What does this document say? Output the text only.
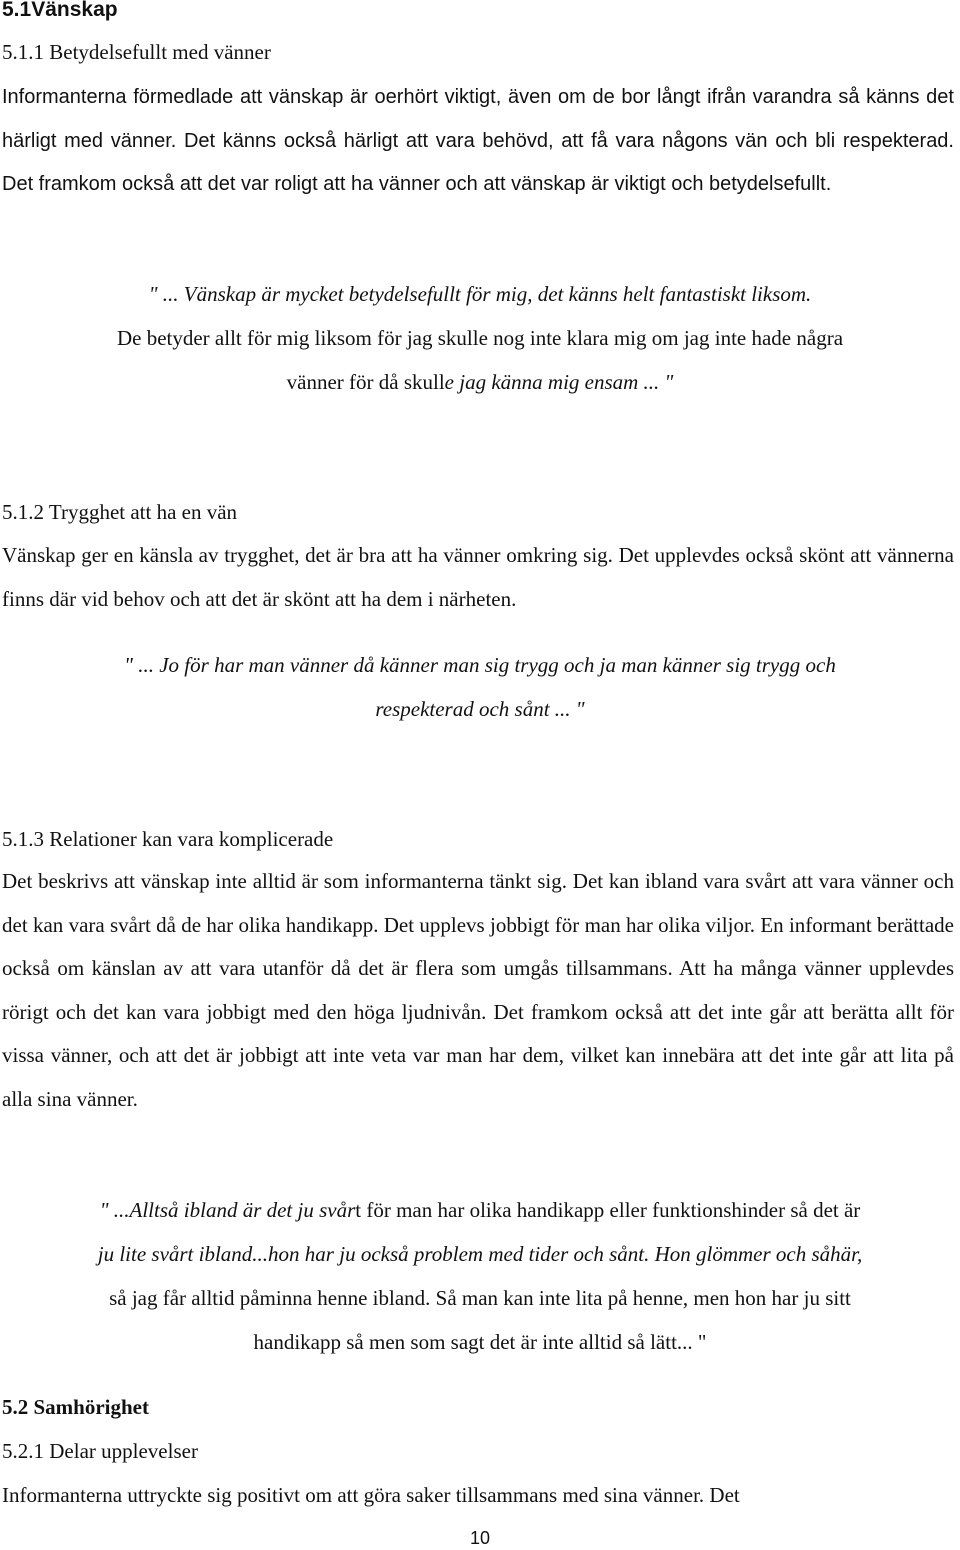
5.1Vänskap
5.1.1 Betydelsefullt med vänner

Informanterna förmedlade att vänskap är oerhört viktigt, även om de bor långt ifrån varandra så känns det härligt med vänner. Det känns också härligt att vara behövd, att få vara någons vän och bli respekterad. Det framkom också att det var roligt att ha vänner och att vänskap är viktigt och betydelsefullt.

" ... Vänskap är mycket betydelsefullt för mig, det känns helt fantastiskt liksom.
De betyder allt för mig liksom för jag skulle nog inte klara mig om jag inte hade några
vänner för då skulle jag känna mig ensam ... "
5.1.2 Trygghet att ha en vän

Vänskap ger en känsla av trygghet, det är bra att ha vänner omkring sig. Det upplevdes också skönt att vännerna finns där vid behov och att det är skönt att ha dem i närheten.

" ... Jo för har man vänner då känner man sig trygg och ja man känner sig trygg och
respekterad och sånt ... "
5.1.3 Relationer kan vara komplicerade

Det beskrivs att vänskap inte alltid är som informanterna tänkt sig. Det kan ibland vara svårt att vara vänner och det kan vara svårt då de har olika handikapp. Det upplevs jobbigt för man har olika viljor. En informant berättade också om känslan av att vara utanför då det är flera som umgås tillsammans. Att ha många vänner upplevdes rörigt och det kan vara jobbigt med den höga ljudnivån. Det framkom också att det inte går att berätta allt för vissa vänner, och att det är jobbigt att inte veta var man har dem, vilket kan innebära att det inte går att lita på alla sina vänner.

" ...Alltså ibland är det ju svårt för man har olika handikapp eller funktionshinder så det är
ju lite svårt ibland...hon har ju också problem med tider och sånt. Hon glömmer och såhär,
så jag får alltid påminna henne ibland. Så man kan inte lita på henne, men hon har ju sitt
handikapp så men som sagt det är inte alltid så lätt... "
5.2 Samhörighet
5.2.1 Delar upplevelser

Informanterna uttryckte sig positivt om att göra saker tillsammans med sina vänner. Det

10
